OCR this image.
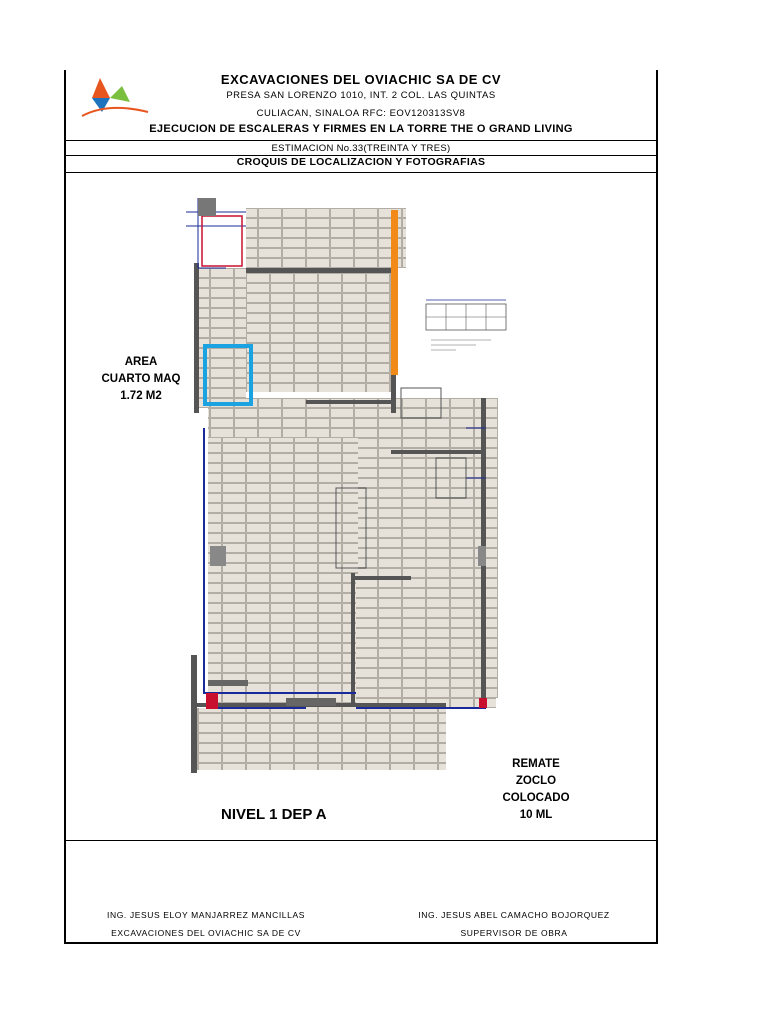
EXCAVACIONES DEL OVIACHIC SA DE CV
PRESA SAN LORENZO 1010, INT. 2 COL. LAS QUINTAS
CULIACAN, SINALOA RFC: EOV120313SV8
EJECUCION DE ESCALERAS Y FIRMES EN LA TORRE THE O GRAND LIVING
ESTIMACION No.33(TREINTA Y TRES)
CROQUIS DE LOCALIZACION Y FOTOGRAFIAS
AREA
CUARTO MAQ
1.72 M2
REMATE
ZOCLO COLOCADO
10 ML
NIVEL 1 DEP A
ING. JESUS ELOY MANJARREZ MANCILLAS
EXCAVACIONES DEL OVIACHIC SA DE CV
ING. JESUS ABEL CAMACHO BOJORQUEZ
SUPERVISOR DE OBRA
